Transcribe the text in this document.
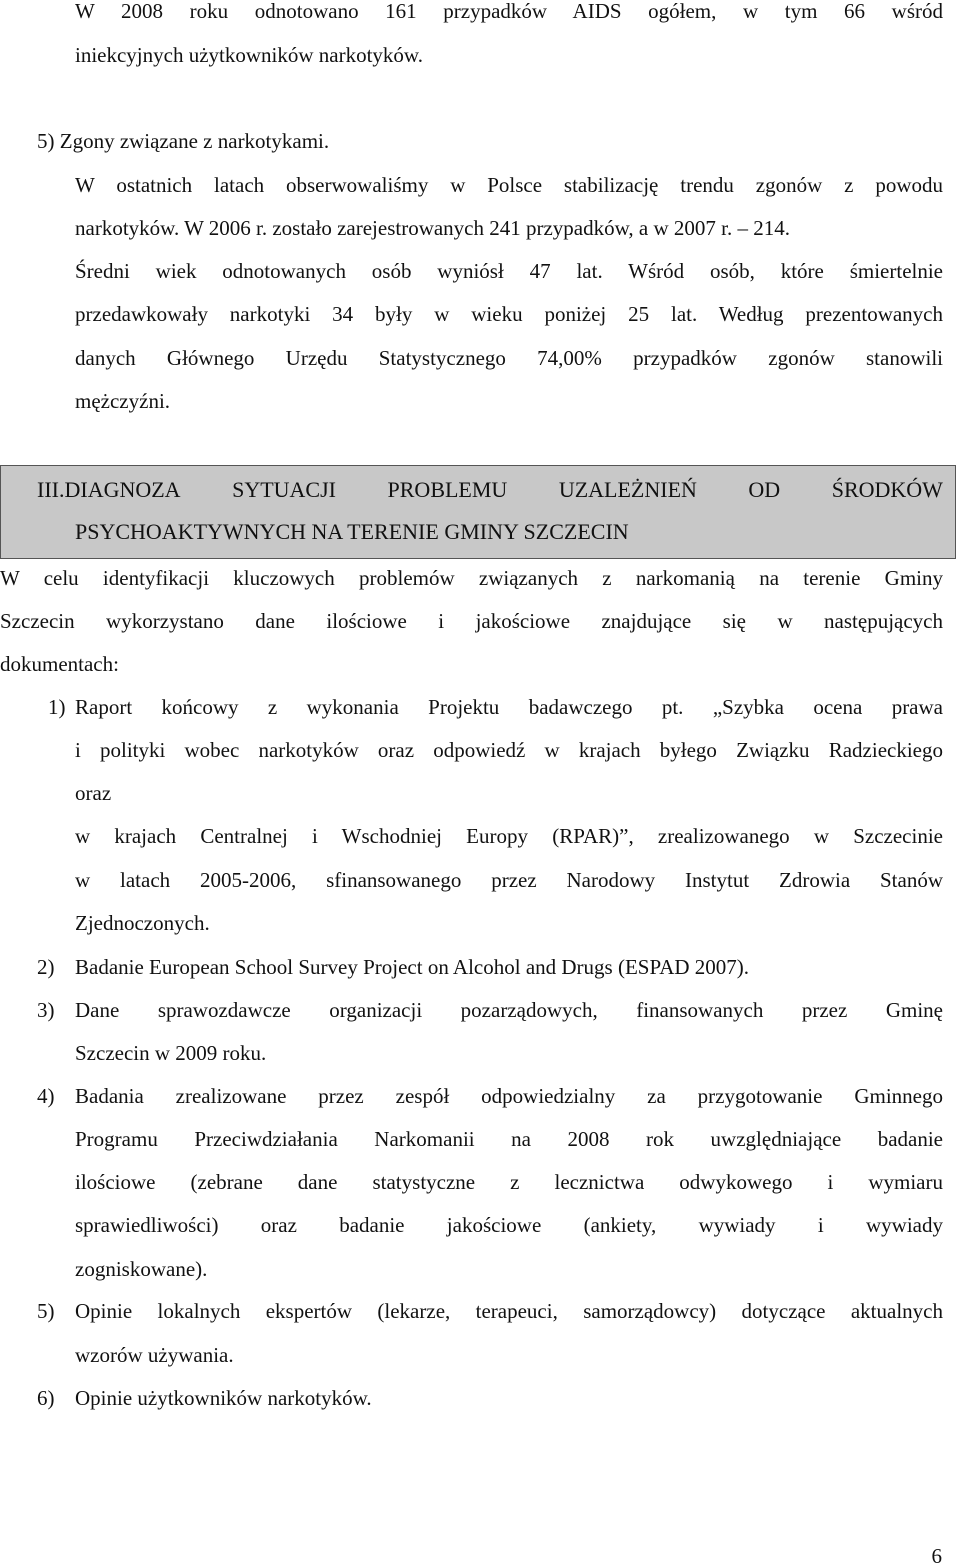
W 2008 roku odnotowano 161 przypadków AIDS ogółem, w tym 66 wśród
iniekcyjnych użytkowników narkotyków.
5) Zgony związane z narkotykami.
W ostatnich latach obserwowaliśmy w Polsce stabilizację trendu zgonów z powodu
narkotyków. W 2006 r. zostało zarejestrowanych 241 przypadków, a w 2007 r. – 214.
Średni wiek odnotowanych osób wyniósł 47 lat. Wśród osób, które śmiertelnie
przedawkowały narkotyki 34 były w wieku poniżej 25 lat. Według prezentowanych
danych Głównego Urzędu Statystycznego 74,00% przypadków zgonów stanowili
mężczyźni.
III.DIAGNOZA SYTUACJI PROBLEMU UZALEŻNIEŃ OD ŚRODKÓW
PSYCHOAKTYWNYCH NA TERENIE GMINY SZCZECIN
W celu identyfikacji kluczowych problemów związanych z narkomanią na terenie Gminy
Szczecin wykorzystano dane ilościowe i jakościowe znajdujące się w następujących
dokumentach:
1) Raport końcowy z wykonania Projektu badawczego pt. „Szybka ocena prawa
i polityki wobec narkotyków oraz odpowiedź w krajach byłego Związku Radzieckiego
oraz
w krajach Centralnej i Wschodniej Europy (RPAR)”, zrealizowanego w Szczecinie
w latach 2005-2006, sfinansowanego przez Narodowy Instytut Zdrowia Stanów
Zjednoczonych.
2) Badanie European School Survey Project on Alcohol and Drugs (ESPAD 2007).
3) Dane sprawozdawcze organizacji pozarządowych, finansowanych przez Gminę
Szczecin w 2009 roku.
4) Badania zrealizowane przez zespół odpowiedzialny za przygotowanie Gminnego
Programu Przeciwdziałania Narkomanii na 2008 rok uwzględniające badanie
ilościowe (zebrane dane statystyczne z lecznictwa odwykowego i wymiaru
sprawiedliwości) oraz badanie jakościowe (ankiety, wywiady i wywiady
zogniskowane).
5) Opinie lokalnych ekspertów (lekarze, terapeuci, samorządowcy) dotyczące aktualnych
wzorów używania.
6) Opinie użytkowników narkotyków.
6
